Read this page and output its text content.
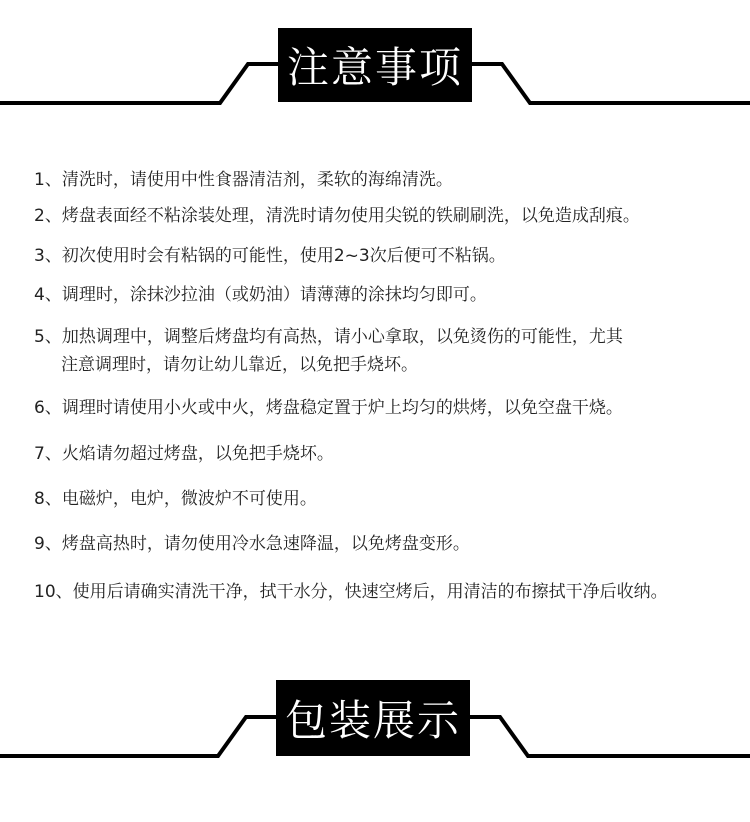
注意事项
1、清洗时，请使用中性食器清洁剂，柔软的海绵清洗。
2、烤盘表面经不粘涂装处理，清洗时请勿使用尖锐的铁刷刷洗，以免造成刮痕。
3、初次使用时会有粘锅的可能性，使用2~3次后便可不粘锅。
4、调理时，涂抹沙拉油（或奶油）请薄薄的涂抹均匀即可。
5、加热调理中，调整后烤盘均有高热，请小心拿取，以免烫伤的可能性，尤其
注意调理时，请勿让幼儿靠近，以免把手烧坏。
6、调理时请使用小火或中火，烤盘稳定置于炉上均匀的烘烤，以免空盘干烧。
7、火焰请勿超过烤盘，以免把手烧坏。
8、电磁炉，电炉，微波炉不可使用。
9、烤盘高热时，请勿使用冷水急速降温，以免烤盘变形。
10、使用后请确实清洗干净，拭干水分，快速空烤后，用清洁的布擦拭干净后收纳。
包装展示
